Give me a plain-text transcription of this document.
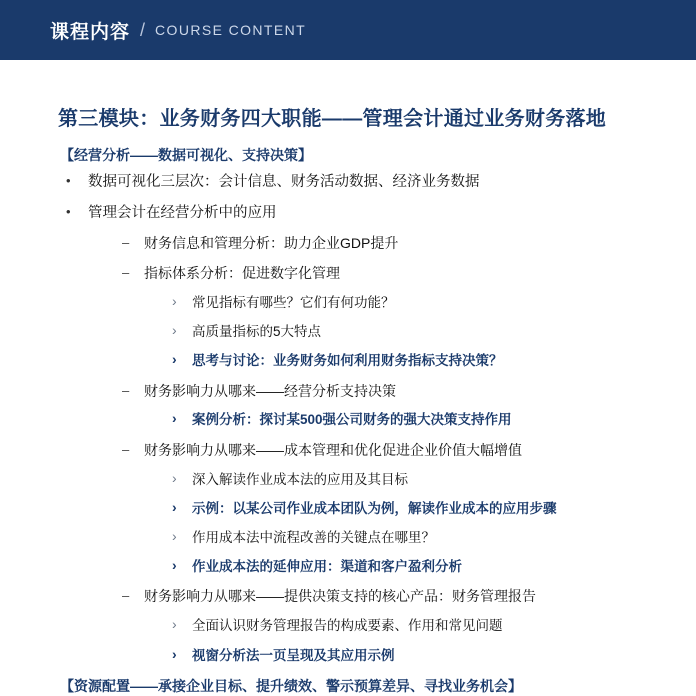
课程内容 / COURSE CONTENT
第三模块：业务财务四大职能——管理会计通过业务财务落地
【经营分析——数据可视化、支持决策】
• 数据可视化三层次：会计信息、财务活动数据、经济业务数据
• 管理会计在经营分析中的应用
– 财务信息和管理分析：助力企业GDP提升
– 指标体系分析：促进数字化管理
› 常见指标有哪些？它们有何功能？
› 高质量指标的5大特点
› 思考与讨论：业务财务如何利用财务指标支持决策？
– 财务影响力从哪来——经营分析支持决策
› 案例分析：探讨某500强公司财务的强大决策支持作用
– 财务影响力从哪来——成本管理和优化促进企业价值大幅增值
› 深入解读作业成本法的应用及其目标
› 示例：以某公司作业成本团队为例，解读作业成本的应用步骤
› 作用成本法中流程改善的关键点在哪里？
› 作业成本法的延伸应用：渠道和客户盈利分析
– 财务影响力从哪来——提供决策支持的核心产品：财务管理报告
› 全面认识财务管理报告的构成要素、作用和常见问题
› 视窗分析法一页呈现及其应用示例
【资源配置——承接企业目标、提升绩效、警示预算差异、寻找业务机会】
